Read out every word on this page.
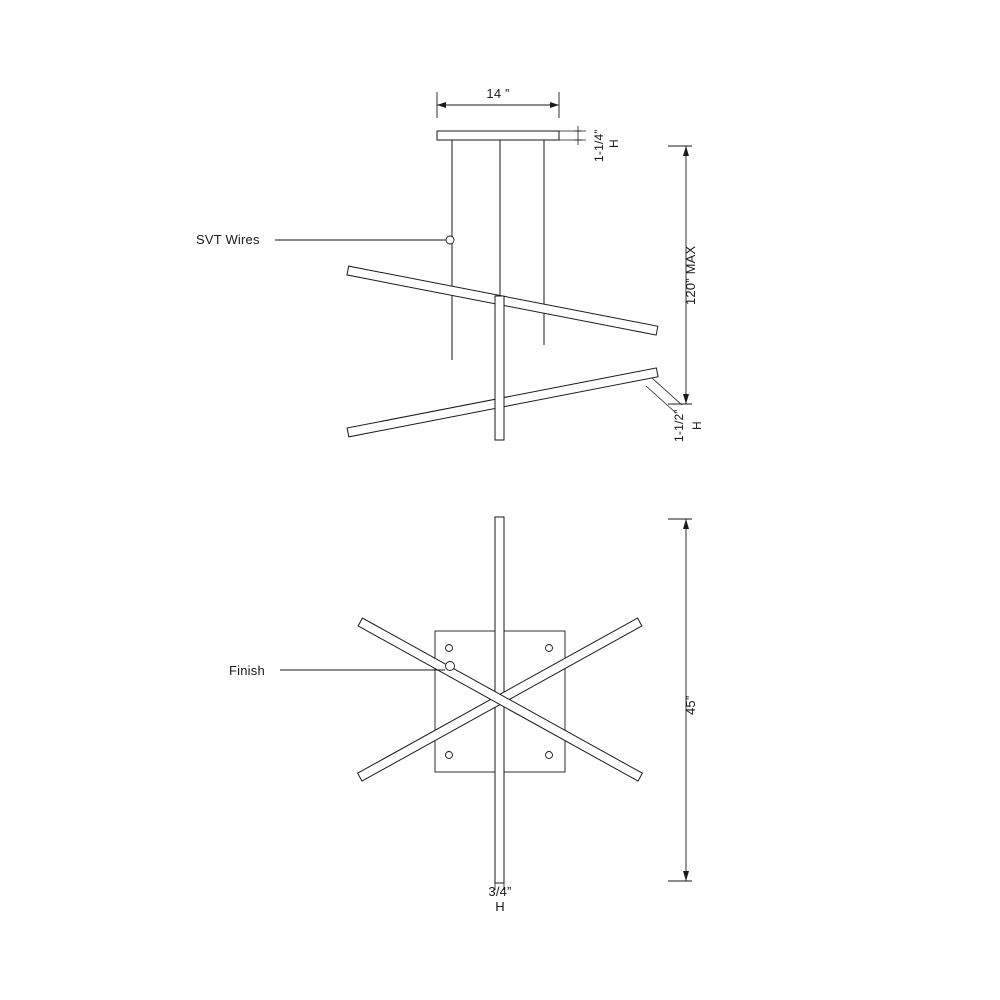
14 ”
1-1/4” H
120” MAX
1-1/2” H
SVT Wires
Finish
45”
3/4”
H
